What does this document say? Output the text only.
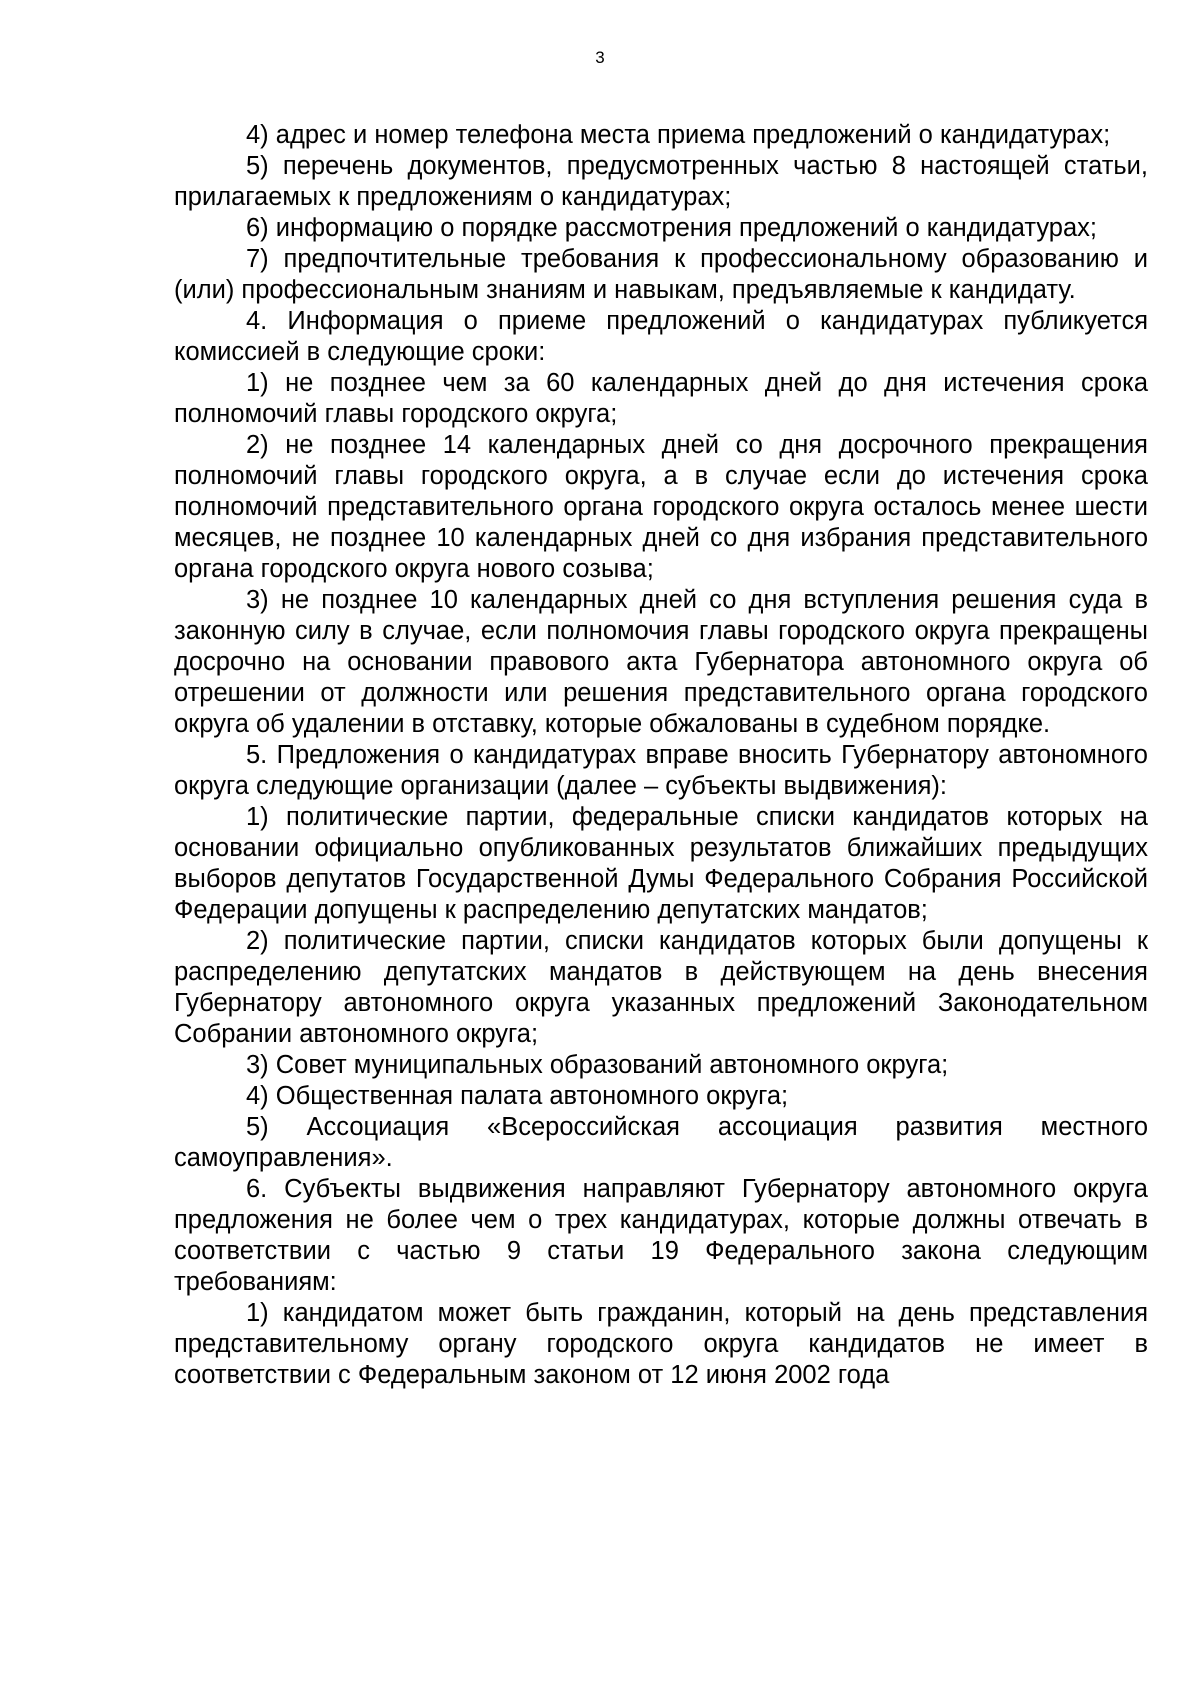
3

4) адрес и номер телефона места приема предложений о кандидатурах;

5) перечень документов, предусмотренных частью 8 настоящей статьи, прилагаемых к предложениям о кандидатурах;

6) информацию о порядке рассмотрения предложений о кандидатурах;

7) предпочтительные требования к профессиональному образованию и (или) профессиональным знаниям и навыкам, предъявляемые к кандидату.

4. Информация о приеме предложений о кандидатурах публикуется комиссией в следующие сроки:

1) не позднее чем за 60 календарных дней до дня истечения срока полномочий главы городского округа;

2) не позднее 14 календарных дней со дня досрочного прекращения полномочий главы городского округа, а в случае если до истечения срока полномочий представительного органа городского округа осталось менее шести месяцев, не позднее 10 календарных дней со дня избрания представительного органа городского округа нового созыва;

3) не позднее 10 календарных дней со дня вступления решения суда в законную силу в случае, если полномочия главы городского округа прекращены досрочно на основании правового акта Губернатора автономного округа об отрешении от должности или решения представительного органа городского округа об удалении в отставку, которые обжалованы в судебном порядке.

5. Предложения о кандидатурах вправе вносить Губернатору автономного округа следующие организации (далее – субъекты выдвижения):

1) политические партии, федеральные списки кандидатов которых на основании официально опубликованных результатов ближайших предыдущих выборов депутатов Государственной Думы Федерального Собрания Российской Федерации допущены к распределению депутатских мандатов;

2) политические партии, списки кандидатов которых были допущены к распределению депутатских мандатов в действующем на день внесения Губернатору автономного округа указанных предложений Законодательном Собрании автономного округа;

3) Совет муниципальных образований автономного округа;

4) Общественная палата автономного округа;

5) Ассоциация «Всероссийская ассоциация развития местного самоуправления».

6. Субъекты выдвижения направляют Губернатору автономного округа предложения не более чем о трех кандидатурах, которые должны отвечать в соответствии с частью 9 статьи 19 Федерального закона следующим требованиям:

1) кандидатом может быть гражданин, который на день представления представительному органу городского округа кандидатов не имеет в соответствии с Федеральным законом от 12 июня 2002 года
